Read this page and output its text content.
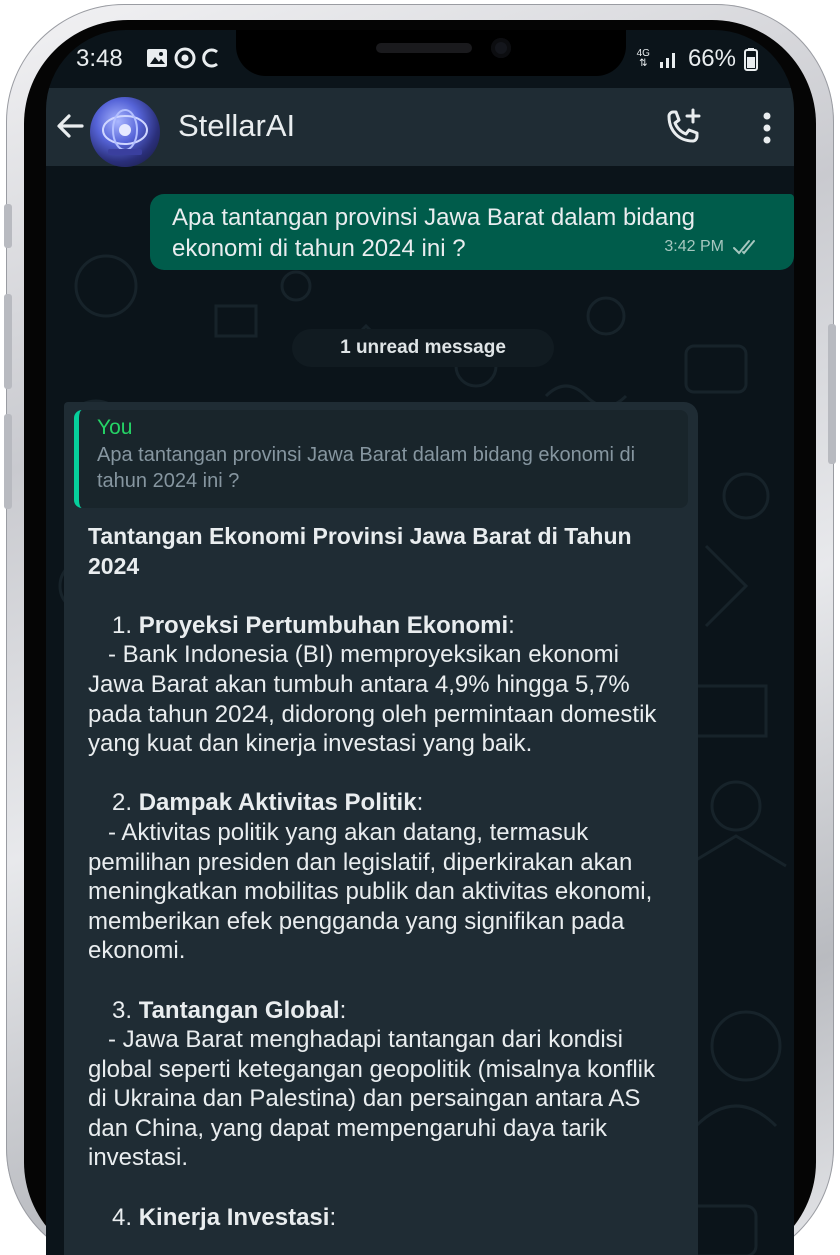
3:48	4G
⇅ 66%
StellarAI
Apa tantangan provinsi Jawa Barat dalam bidang ekonomi di tahun 2024 ini ?	3:42 PM
1 unread message
You
Apa tantangan provinsi Jawa Barat dalam bidang ekonomi di tahun 2024 ini ?
Tantangan Ekonomi Provinsi Jawa Barat di Tahun 2024
1. Proyeksi Pertumbuhan Ekonomi:
- Bank Indonesia (BI) memproyeksikan ekonomi Jawa Barat akan tumbuh antara 4,9% hingga 5,7% pada tahun 2024, didorong oleh permintaan domestik yang kuat dan kinerja investasi yang baik.
2. Dampak Aktivitas Politik:
- Aktivitas politik yang akan datang, termasuk pemilihan presiden dan legislatif, diperkirakan akan meningkatkan mobilitas publik dan aktivitas ekonomi, memberikan efek pengganda yang signifikan pada ekonomi.
3. Tantangan Global:
- Jawa Barat menghadapi tantangan dari kondisi global seperti ketegangan geopolitik (misalnya konflik di Ukraina dan Palestina) dan persaingan antara AS dan China, yang dapat mempengaruhi daya tarik investasi.
4. Kinerja Investasi:
